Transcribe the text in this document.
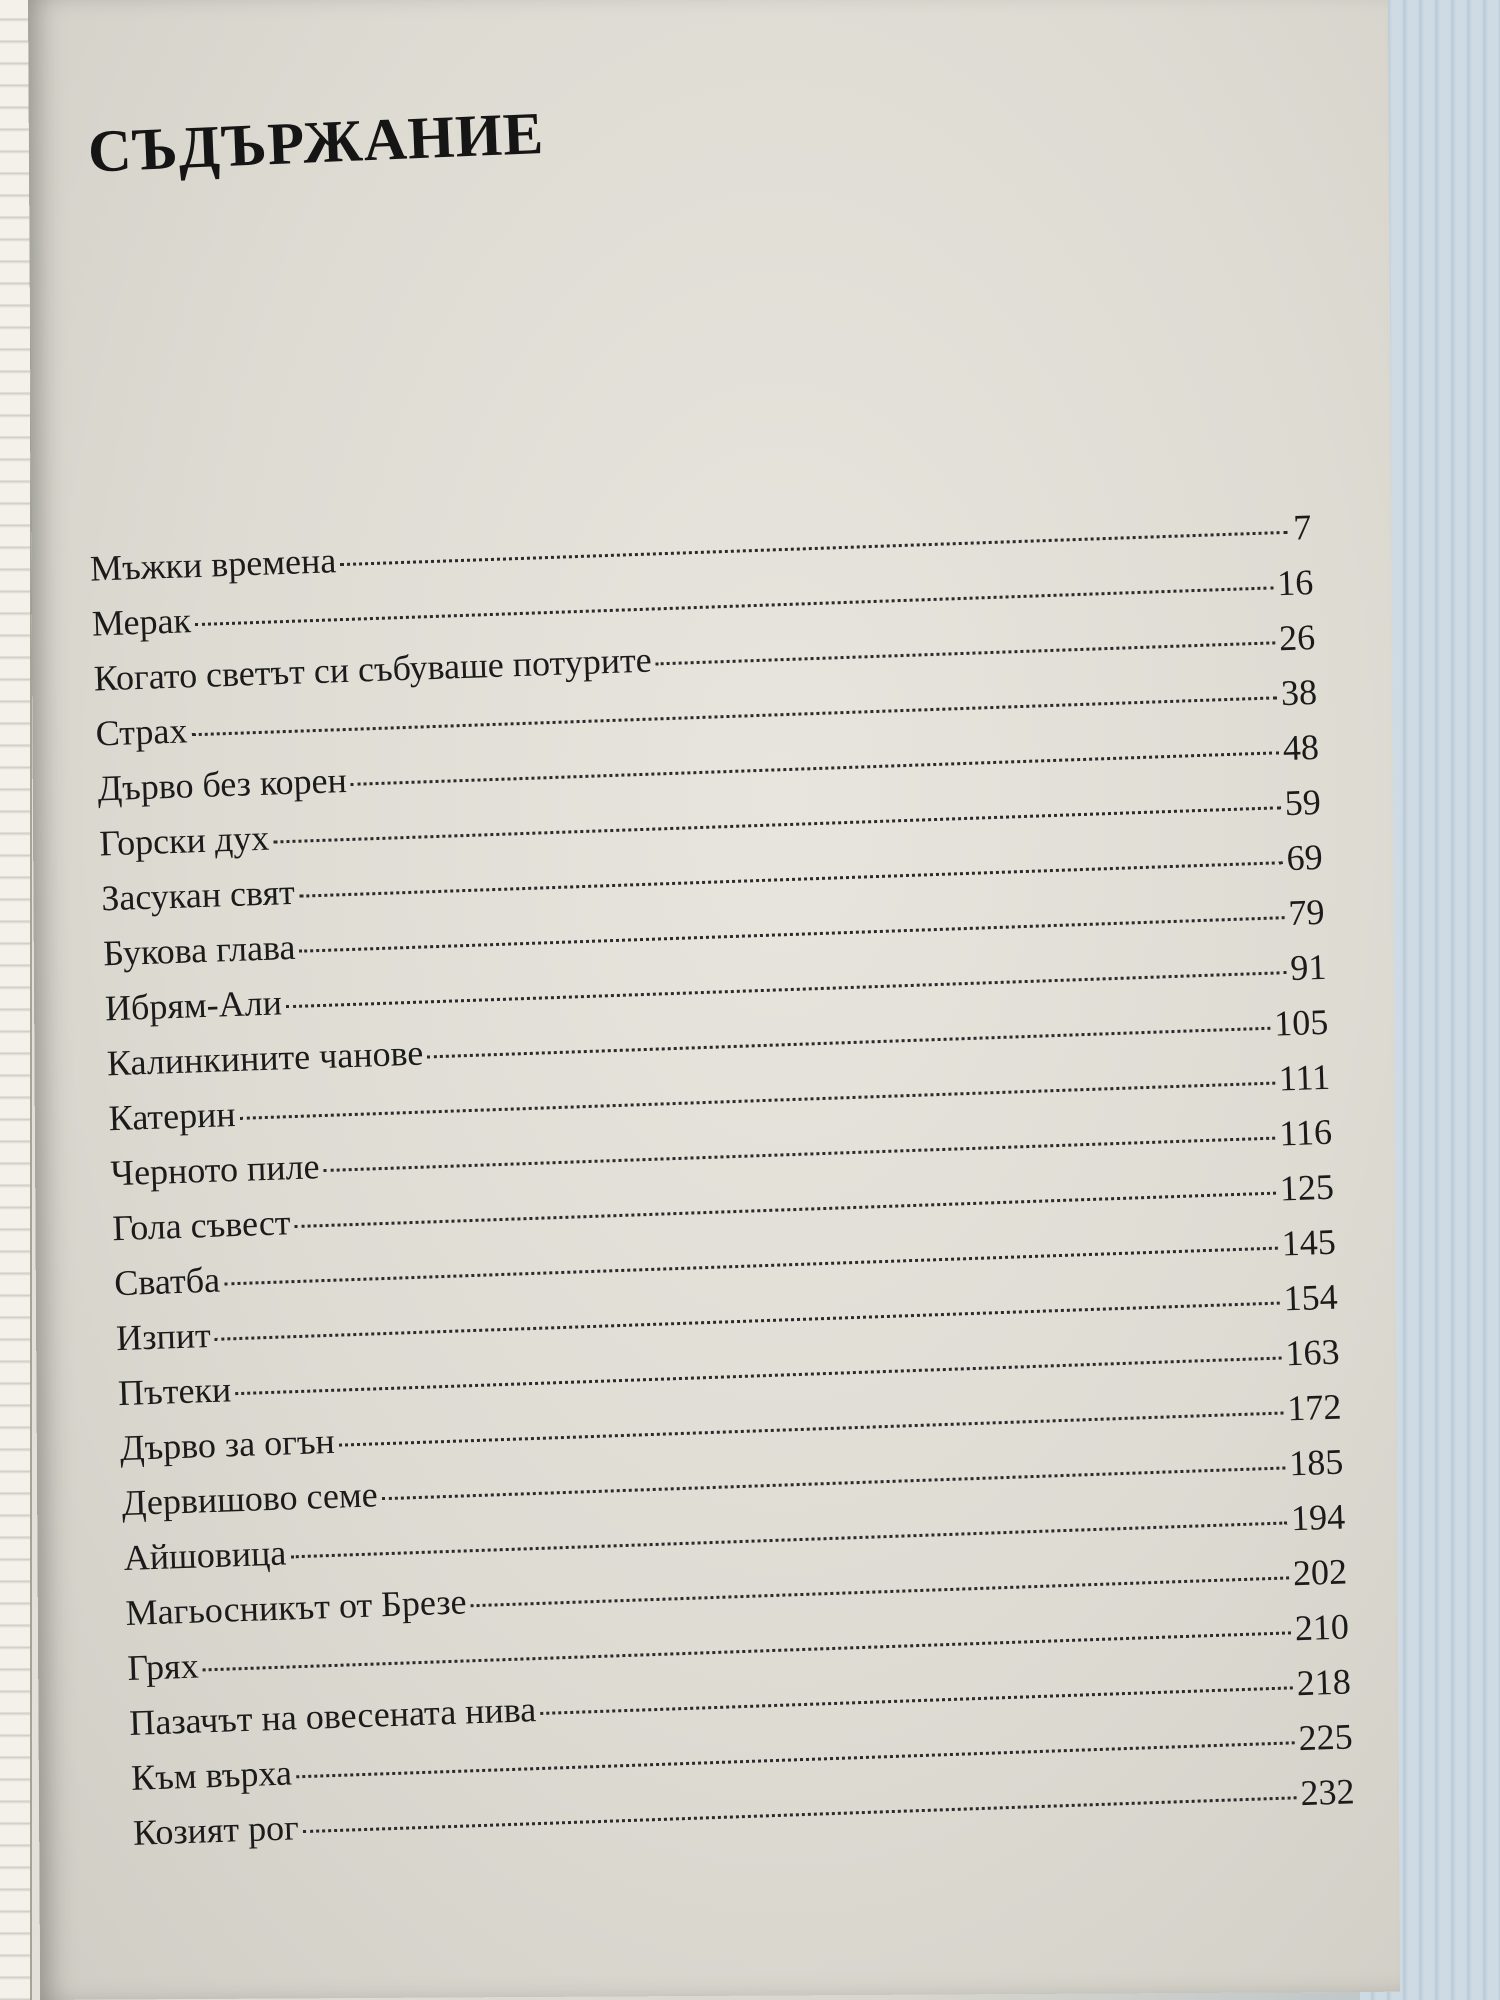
СЪДЪРЖАНИЕ
Мъжки времена
7
Мерак
16
Когато светът си събуваше потурите
26
Страх
38
Дърво без корен
48
Горски дух
59
Засукан свят
69
Букова глава
79
Ибрям-Али
91
Калинкините чанове
105
Катерин
111
Черното пиле
116
Гола съвест
125
Сватба
145
Изпит
154
Пътеки
163
Дърво за огън
172
Дервишово семе
185
Айшовица
194
Магьосникът от Брезе
202
Грях
210
Пазачът на овесената нива
218
Към върха
225
Козият рог
232
